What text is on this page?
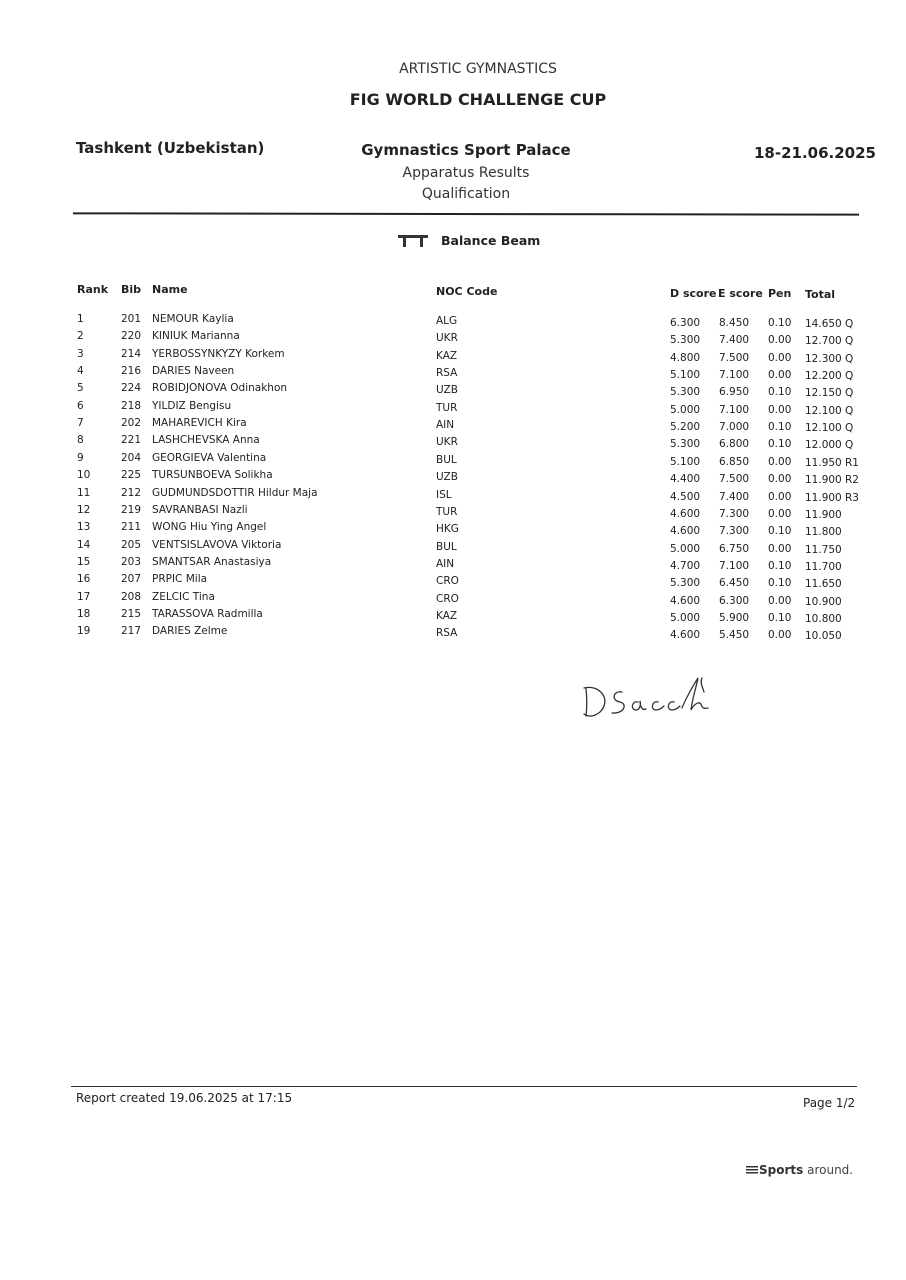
ARTISTIC GYMNASTICS
FIG WORLD CHALLENGE CUP
Tashkent (Uzbekistan)	Gymnastics Sport Palace	18-21.06.2025
Apparatus Results
Qualification
Balance Beam
Rank Bib Name	NOC Code	D score E score Pen Total
1	201 NEMOUR Kaylia	ALG	6.300 8.450 0.10 14.650 Q
2	220 KINIUK Marianna	UKR	5.300 7.400 0.00 12.700 Q
3	214 YERBOSSYNKYZY Korkem	KAZ	4.800 7.500 0.00 12.300 Q
4	216 DARIES Naveen	RSA	5.100 7.100 0.00 12.200 Q
5	224 ROBIDJONOVA Odinakhon	UZB	5.300 6.950 0.10 12.150 Q
6	218 YILDIZ Bengisu	TUR	5.000 7.100 0.00 12.100 Q
7	202 MAHAREVICH Kira	AIN	5.200 7.000 0.10 12.100 Q
8	221 LASHCHEVSKA Anna	UKR	5.300 6.800 0.10 12.000 Q
9	204 GEORGIEVA Valentina	BUL	5.100 6.850 0.00 11.950 R1
10	225 TURSUNBOEVA Solikha	UZB	4.400 7.500 0.00 11.900 R2
11	212 GUDMUNDSDOTTIR Hildur Maja	ISL	4.500 7.400 0.00 11.900 R3
12	219 SAVRANBASI Nazli	TUR	4.600 7.300 0.00 11.900
13	211 WONG Hiu Ying Angel	HKG	4.600 7.300 0.10 11.800
14	205 VENTSISLAVOVA Viktoria	BUL	5.000 6.750 0.00 11.750
15	203 SMANTSAR Anastasiya	AIN	4.700 7.100 0.10 11.700
16	207 PRPIC Mila	CRO	5.300 6.450 0.10 11.650
17	208 ZELCIC Tina	CRO	4.600 6.300 0.00 10.900
18	215 TARASSOVA Radmilla	KAZ	5.000 5.900 0.10 10.800
19	217 DARIES Zelme	RSA	4.600 5.450 0.00 10.050
Report created 19.06.2025 at 17:15	Page 1/2
Sports around.
